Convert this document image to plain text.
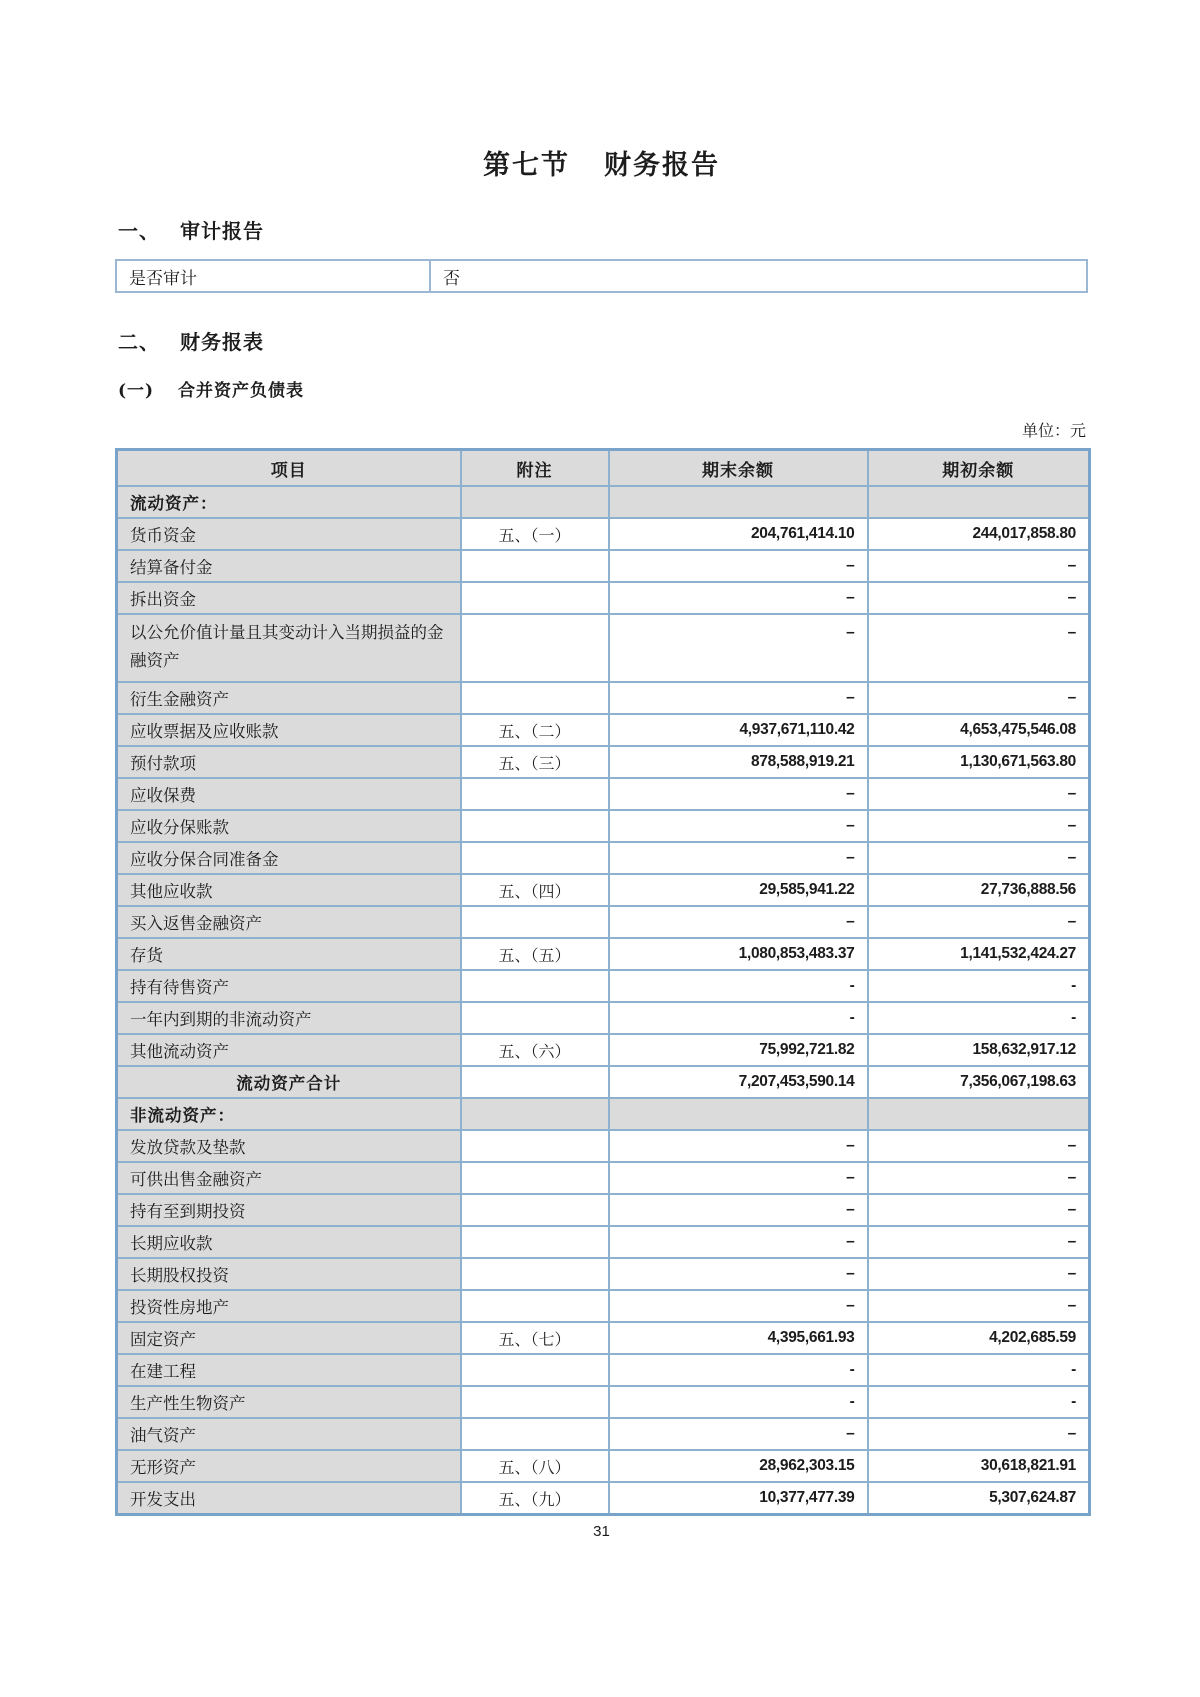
第七节 财务报告
一、 审计报告
是否审计	否
二、 财务报表
(一) 合并资产负债表
单位：元
项目	附注	期末余额	期初余额
流动资产：			
货币资金	五、（一）	204,761,414.10	244,017,858.80
结算备付金		–	–
拆出资金		–	–
以公允价值计量且其变动计入当期损益的金融资产		–	–
衍生金融资产		–	–
应收票据及应收账款	五、（二）	4,937,671,110.42	4,653,475,546.08
预付款项	五、（三）	878,588,919.21	1,130,671,563.80
应收保费		–	–
应收分保账款		–	–
应收分保合同准备金		–	–
其他应收款	五、（四）	29,585,941.22	27,736,888.56
买入返售金融资产		–	–
存货	五、（五）	1,080,853,483.37	1,141,532,424.27
持有待售资产		-	-
一年内到期的非流动资产		-	-
其他流动资产	五、（六）	75,992,721.82	158,632,917.12
流动资产合计		7,207,453,590.14	7,356,067,198.63
非流动资产：			
发放贷款及垫款		–	–
可供出售金融资产		–	–
持有至到期投资		–	–
长期应收款		–	–
长期股权投资		–	–
投资性房地产		–	–
固定资产	五、（七）	4,395,661.93	4,202,685.59
在建工程		-	-
生产性生物资产		-	-
油气资产		–	–
无形资产	五、（八）	28,962,303.15	30,618,821.91
开发支出	五、（九）	10,377,477.39	5,307,624.87
31
